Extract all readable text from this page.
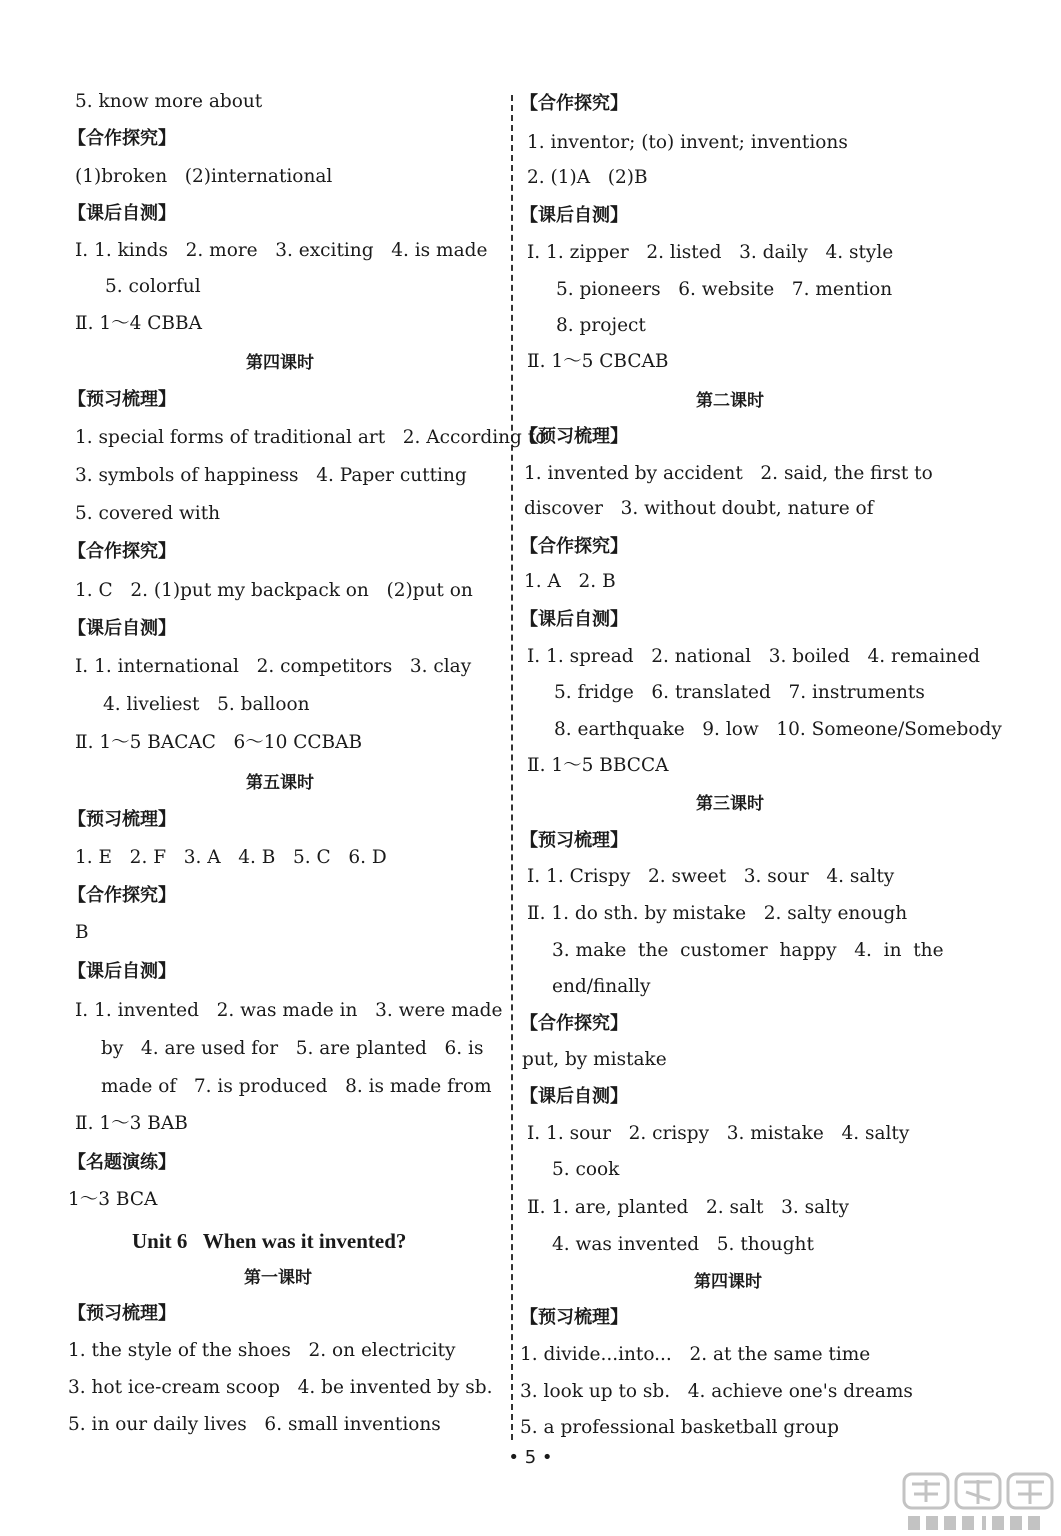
5. know more about
【合作探究】
(1)broken   (2)international
【课后自测】
Ⅰ. 1. kinds   2. more   3. exciting   4. is made
5. colorful
Ⅱ. 1～4 CBBA
第四课时
【预习梳理】
1. special forms of traditional art   2. According to
3. symbols of happiness   4. Paper cutting
5. covered with
【合作探究】
1. C   2. (1)put my backpack on   (2)put on
【课后自测】
Ⅰ. 1. international   2. competitors   3. clay
4. liveliest   5. balloon
Ⅱ. 1～5 BACAC   6～10 CCBAB
第五课时
【预习梳理】
1. E   2. F   3. A   4. B   5. C   6. D
【合作探究】
B
【课后自测】
Ⅰ. 1. invented   2. was made in   3. were made
by   4. are used for   5. are planted   6. is
made of   7. is produced   8. is made from
Ⅱ. 1～3 BAB
【名题演练】
1～3 BCA
Unit 6   When was it invented?
第一课时
【预习梳理】
1. the style of the shoes   2. on electricity
3. hot ice-cream scoop   4. be invented by sb.
5. in our daily lives   6. small inventions
【合作探究】
1. inventor; (to) invent; inventions
2. (1)A   (2)B
【课后自测】
Ⅰ. 1. zipper   2. listed   3. daily   4. style
5. pioneers   6. website   7. mention
8. project
Ⅱ. 1～5 CBCAB
第二课时
【预习梳理】
1. invented by accident   2. said, the first to
discover   3. without doubt, nature of
【合作探究】
1. A   2. B
【课后自测】
Ⅰ. 1. spread   2. national   3. boiled   4. remained
5. fridge   6. translated   7. instruments
8. earthquake   9. low   10. Someone/Somebody
Ⅱ. 1～5 BBCCA
第三课时
【预习梳理】
Ⅰ. 1. Crispy   2. sweet   3. sour   4. salty
Ⅱ. 1. do sth. by mistake   2. salty enough
3. make  the  customer  happy   4.  in  the
end/finally
【合作探究】
put, by mistake
【课后自测】
Ⅰ. 1. sour   2. crispy   3. mistake   4. salty
5. cook
Ⅱ. 1. are, planted   2. salt   3. salty
4. was invented   5. thought
第四课时
【预习梳理】
1. divide...into...   2. at the same time
3. look up to sb.   4. achieve one's dreams
5. a professional basketball group
• 5 •
